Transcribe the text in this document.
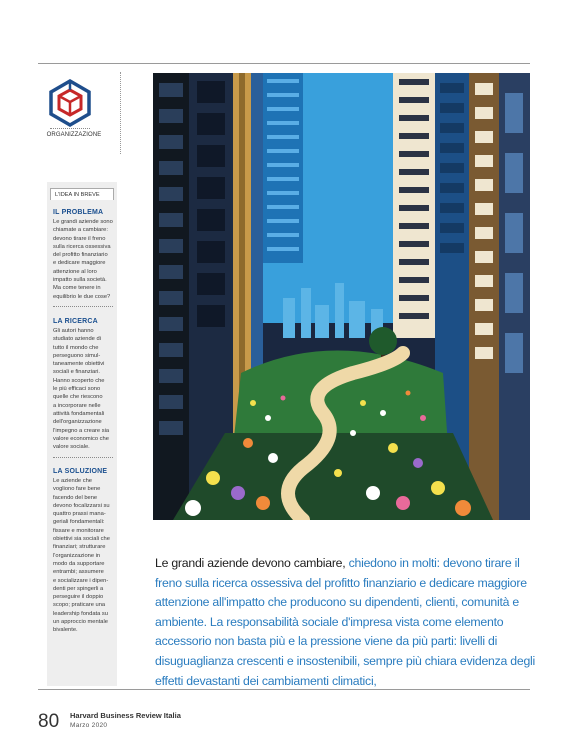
ORGANIZZAZIONE
L'IDEA IN BREVE
IL PROBLEMA
Le grandi aziende sono
chiamate a cambiare:
devono tirare il freno
sulla ricerca ossessiva
del profitto finanziario
e dedicare maggiore
attenzione al loro
impatto sulla società.
Ma come tenere in
equilibrio le due cose?
LA RICERCA
Gli autori hanno
studiato aziende di
tutto il mondo che
perseguono simul-
taneamente obiettivi
sociali e finanziari.
Hanno scoperto che
le più efficaci sono
quelle che riescono
a incorporare nelle
attività fondamentali
dell'organizzazione
l'impegno a creare sia
valore economico che
valore sociale.
LA SOLUZIONE
Le aziende che
vogliono fare bene
facendo del bene
devono focalizzarsi su
quattro prassi mana-
geriali fondamentali:
fissare e monitorare
obiettivi sia sociali che
finanziari; strutturare
l'organizzazione in
modo da supportare
entrambi; assumere
e socializzare i dipen-
denti per spingerli a
perseguire il doppio
scopo; praticare una
leadership fondata su
un approccio mentale
bivalente.
Le grandi aziende devono cambiare, chiedono in molti: devono tirare il freno sulla ricerca ossessiva del profitto finanziario e dedicare maggiore attenzione all'impatto che producono su dipendenti, clienti, comunità e ambiente. La responsabilità sociale d'impresa vista come elemento accessorio non basta più e la pressione viene da più parti: livelli di disuguaglianza crescenti e insostenibili, sempre più chiara evidenza degli effetti devastanti dei cambiamenti climatici,
80 Harvard Business Review Italia
Marzo 2020
